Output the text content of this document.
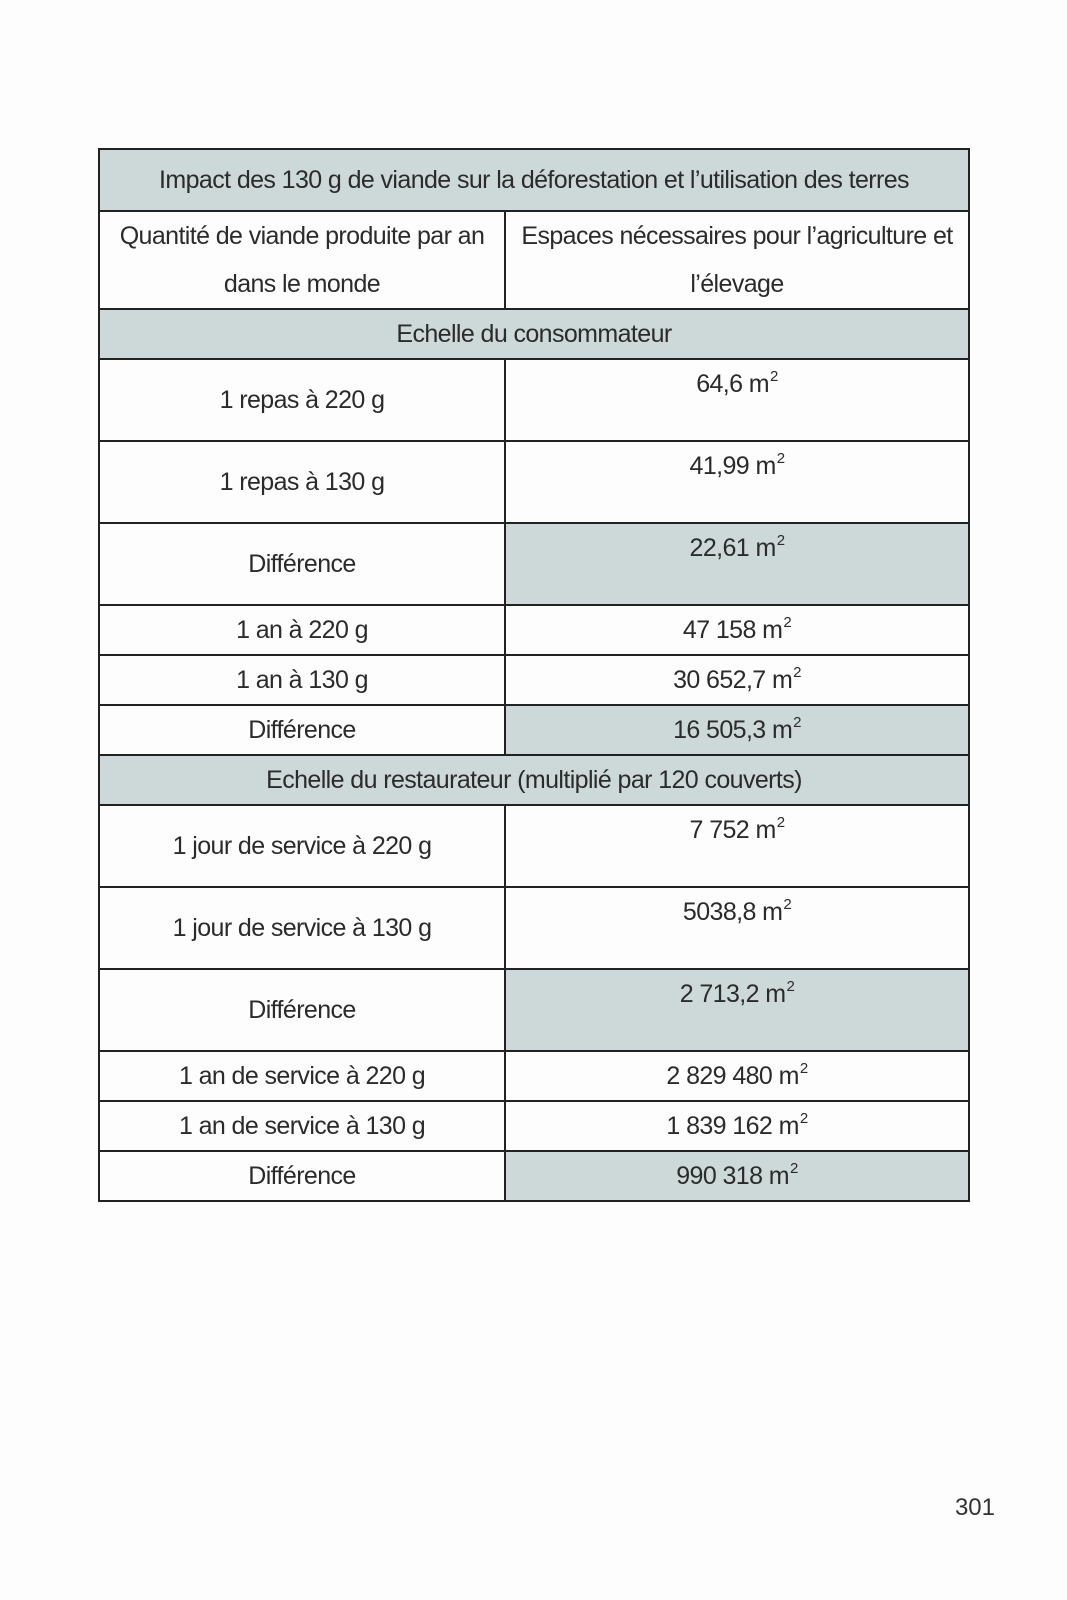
Impact des 130 g de viande sur la déforestation et l’utilisation des terres	
Quantité de viande produite par an dans le monde	Espaces nécessaires pour l’agriculture et l’élevage
Echelle du consommateur	
1 repas à 220 g	64,6 $m^2$
1 repas à 130 g	41,99 $m^2$
Différence	22,61 $m^2$
1 an à 220 g	47 158 $m^2$
1 an à 130 g	30 652,7 $m^2$
Différence	16 505,3 $m^2$
Echelle du restaurateur (multiplié par 120 couverts)	
1 jour de service à 220 g	7 752 $m^2$
1 jour de service à 130 g	5038,8 $m^2$
Différence	2 713,2 $m^2$
1 an de service à 220 g	2 829 480 $m^2$
1 an de service à 130 g	1 839 162 $m^2$
Différence	990 318 $m^2$
301
